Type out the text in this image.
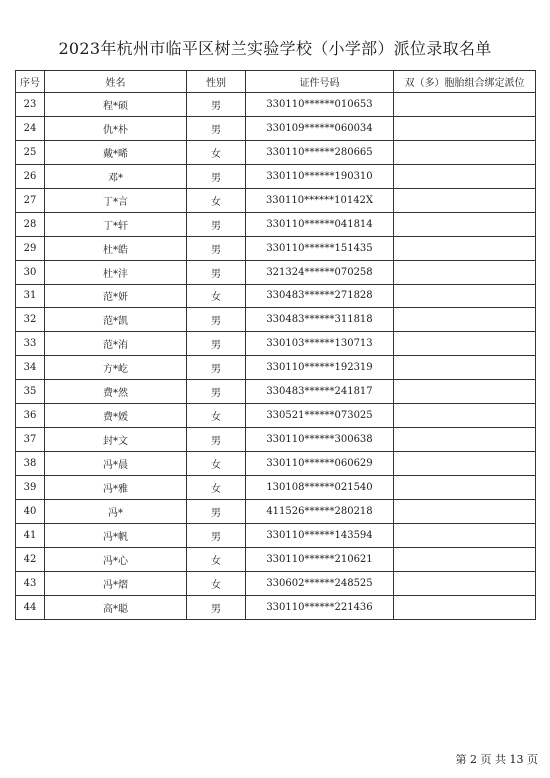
2023年杭州市临平区树兰实验学校（小学部）派位录取名单
序号	姓名	性别	证件号码	双（多）胞胎组合绑定派位
23	程*硕	男	330110******010653	
24	仇*朴	男	330109******060034	
25	戴*晞	女	330110******280665	
26	邓*	男	330110******190310	
27	丁*言	女	330110******10142X	
28	丁*轩	男	330110******041814	
29	杜*皓	男	330110******151435	
30	杜*沣	男	321324******070258	
31	范*妍	女	330483******271828	
32	范*凯	男	330483******311818	
33	范*洧	男	330103******130713	
34	方*屹	男	330110******192319	
35	费*然	男	330483******241817	
36	费*媛	女	330521******073025	
37	封*文	男	330110******300638	
38	冯*晨	女	330110******060629	
39	冯*雅	女	130108******021540	
40	冯*	男	411526******280218	
41	冯*帆	男	330110******143594	
42	冯*心	女	330110******210621	
43	冯*熠	女	330602******248525	
44	高*聪	男	330110******221436	
第 2 页 共 13 页
